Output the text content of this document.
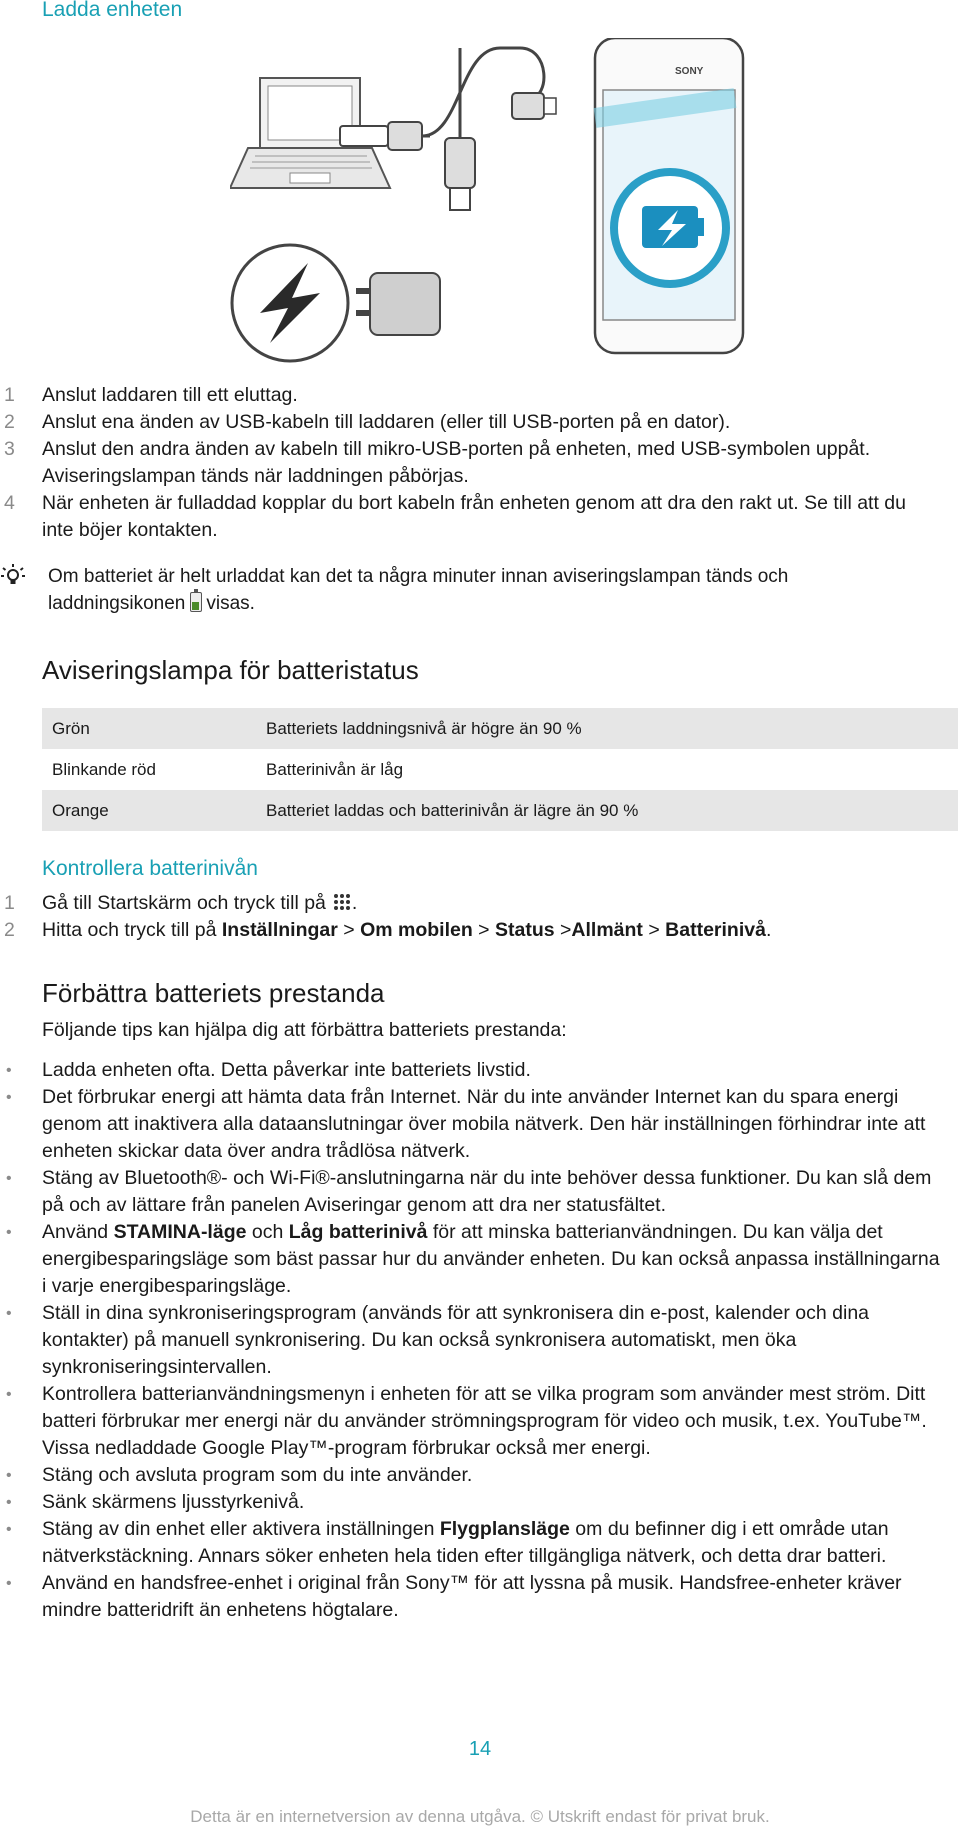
Ladda enheten
SONY
1 Anslut laddaren till ett eluttag.
2 Anslut ena änden av USB-kabeln till laddaren (eller till USB-porten på en dator).
3 Anslut den andra änden av kabeln till mikro-USB-porten på enheten, med USB-symbolen uppåt. Aviseringslampan tänds när laddningen påbörjas.
4 När enheten är fulladdad kopplar du bort kabeln från enheten genom att dra den rakt ut. Se till att du inte böjer kontakten.

Om batteriet är helt urladdat kan det ta några minuter innan aviseringslampan tänds och laddningsikonen visas.

Aviseringslampa för batteristatus
Grön	Batteriets laddningsnivå är högre än 90 %
Blinkande röd	Batterinivån är låg
Orange	Batteriet laddas och batterinivån är lägre än 90 %
Kontrollera batterinivån
1 Gå till Startskärm och tryck till på .
2 Hitta och tryck till på Inställningar > Om mobilen > Status >Allmänt > Batterinivå.
Förbättra batteriets prestanda

Följande tips kan hjälpa dig att förbättra batteriets prestanda:

• Ladda enheten ofta. Detta påverkar inte batteriets livstid.
• Det förbrukar energi att hämta data från Internet. När du inte använder Internet kan du spara energi genom att inaktivera alla dataanslutningar över mobila nätverk. Den här inställningen förhindrar inte att enheten skickar data över andra trådlösa nätverk.
• Stäng av Bluetooth®- och Wi-Fi®-anslutningarna när du inte behöver dessa funktioner. Du kan slå dem på och av lättare från panelen Aviseringar genom att dra ner statusfältet.
• Använd STAMINA-läge och Låg batterinivå för att minska batterianvändningen. Du kan välja det energibesparingsläge som bäst passar hur du använder enheten. Du kan också anpassa inställningarna i varje energibesparingsläge.
• Ställ in dina synkroniseringsprogram (används för att synkronisera din e-post, kalender och dina kontakter) på manuell synkronisering. Du kan också synkronisera automatiskt, men öka synkroniseringsintervallen.
• Kontrollera batterianvändningsmenyn i enheten för att se vilka program som använder mest ström. Ditt batteri förbrukar mer energi när du använder strömningsprogram för video och musik, t.ex. YouTube™. Vissa nedladdade Google Play™-program förbrukar också mer energi.
• Stäng och avsluta program som du inte använder.
• Sänk skärmens ljusstyrkenivå.
• Stäng av din enhet eller aktivera inställningen Flygplansläge om du befinner dig i ett område utan nätverkstäckning. Annars söker enheten hela tiden efter tillgängliga nätverk, och detta drar batteri.
• Använd en handsfree-enhet i original från Sony™ för att lyssna på musik. Handsfree-enheter kräver mindre batteridrift än enhetens högtalare.
14
Detta är en internetversion av denna utgåva. © Utskrift endast för privat bruk.
